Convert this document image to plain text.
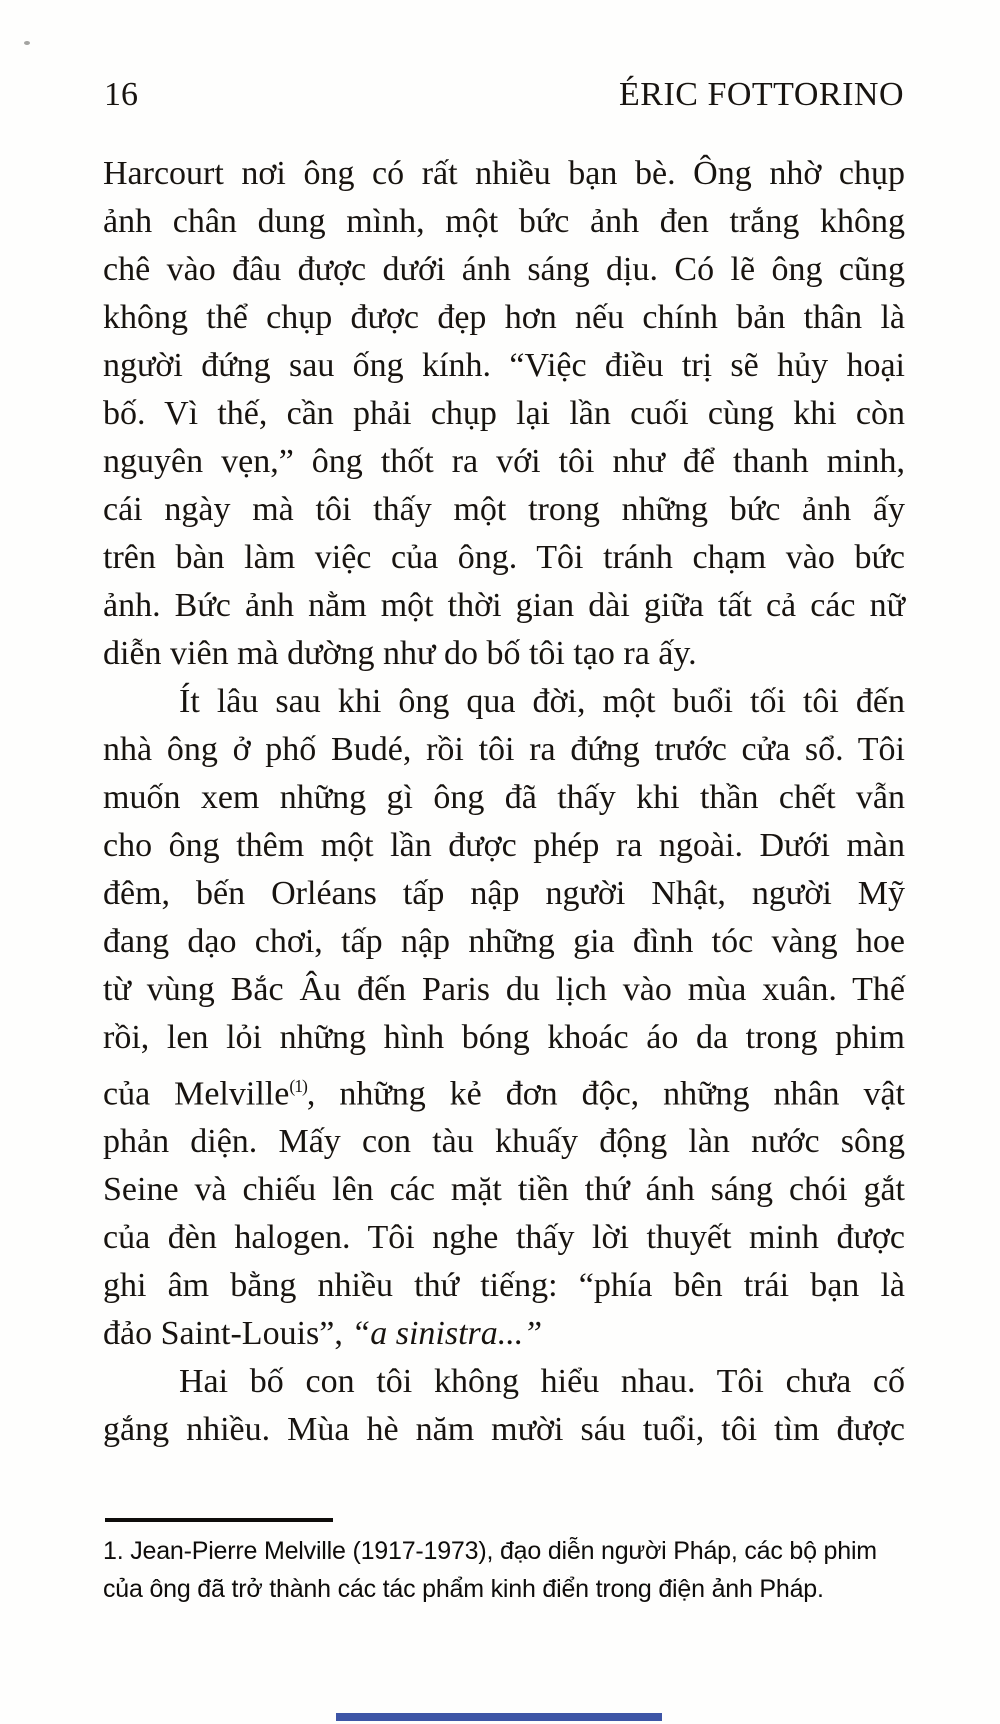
16	ÉRIC FOTTORINO
Harcourt nơi ông có rất nhiều bạn bè. Ông nhờ chụp
ảnh chân dung mình, một bức ảnh đen trắng không
chê vào đâu được dưới ánh sáng dịu. Có lẽ ông cũng
không thể chụp được đẹp hơn nếu chính bản thân là
người đứng sau ống kính. “Việc điều trị sẽ hủy hoại
bố. Vì thế, cần phải chụp lại lần cuối cùng khi còn
nguyên vẹn,” ông thốt ra với tôi như để thanh minh,
cái ngày mà tôi thấy một trong những bức ảnh ấy
trên bàn làm việc của ông. Tôi tránh chạm vào bức
ảnh. Bức ảnh nằm một thời gian dài giữa tất cả các nữ
diễn viên mà dường như do bố tôi tạo ra ấy.
Ít lâu sau khi ông qua đời, một buổi tối tôi đến
nhà ông ở phố Budé, rồi tôi ra đứng trước cửa sổ. Tôi
muốn xem những gì ông đã thấy khi thần chết vẫn
cho ông thêm một lần được phép ra ngoài. Dưới màn
đêm, bến Orléans tấp nập người Nhật, người Mỹ
đang dạo chơi, tấp nập những gia đình tóc vàng hoe
từ vùng Bắc Âu đến Paris du lịch vào mùa xuân. Thế
rồi, len lỏi những hình bóng khoác áo da trong phim
của Melville$^{(1)}$, những kẻ đơn độc, những nhân vật
phản diện. Mấy con tàu khuấy động làn nước sông
Seine và chiếu lên các mặt tiền thứ ánh sáng chói gắt
của đèn halogen. Tôi nghe thấy lời thuyết minh được
ghi âm bằng nhiều thứ tiếng: “phía bên trái bạn là
đảo Saint-Louis”, “a sinistra...”
Hai bố con tôi không hiểu nhau. Tôi chưa cố
gắng nhiều. Mùa hè năm mười sáu tuổi, tôi tìm được
1. Jean-Pierre Melville (1917-1973), đạo diễn người Pháp, các bộ phim
của ông đã trở thành các tác phẩm kinh điển trong điện ảnh Pháp.
